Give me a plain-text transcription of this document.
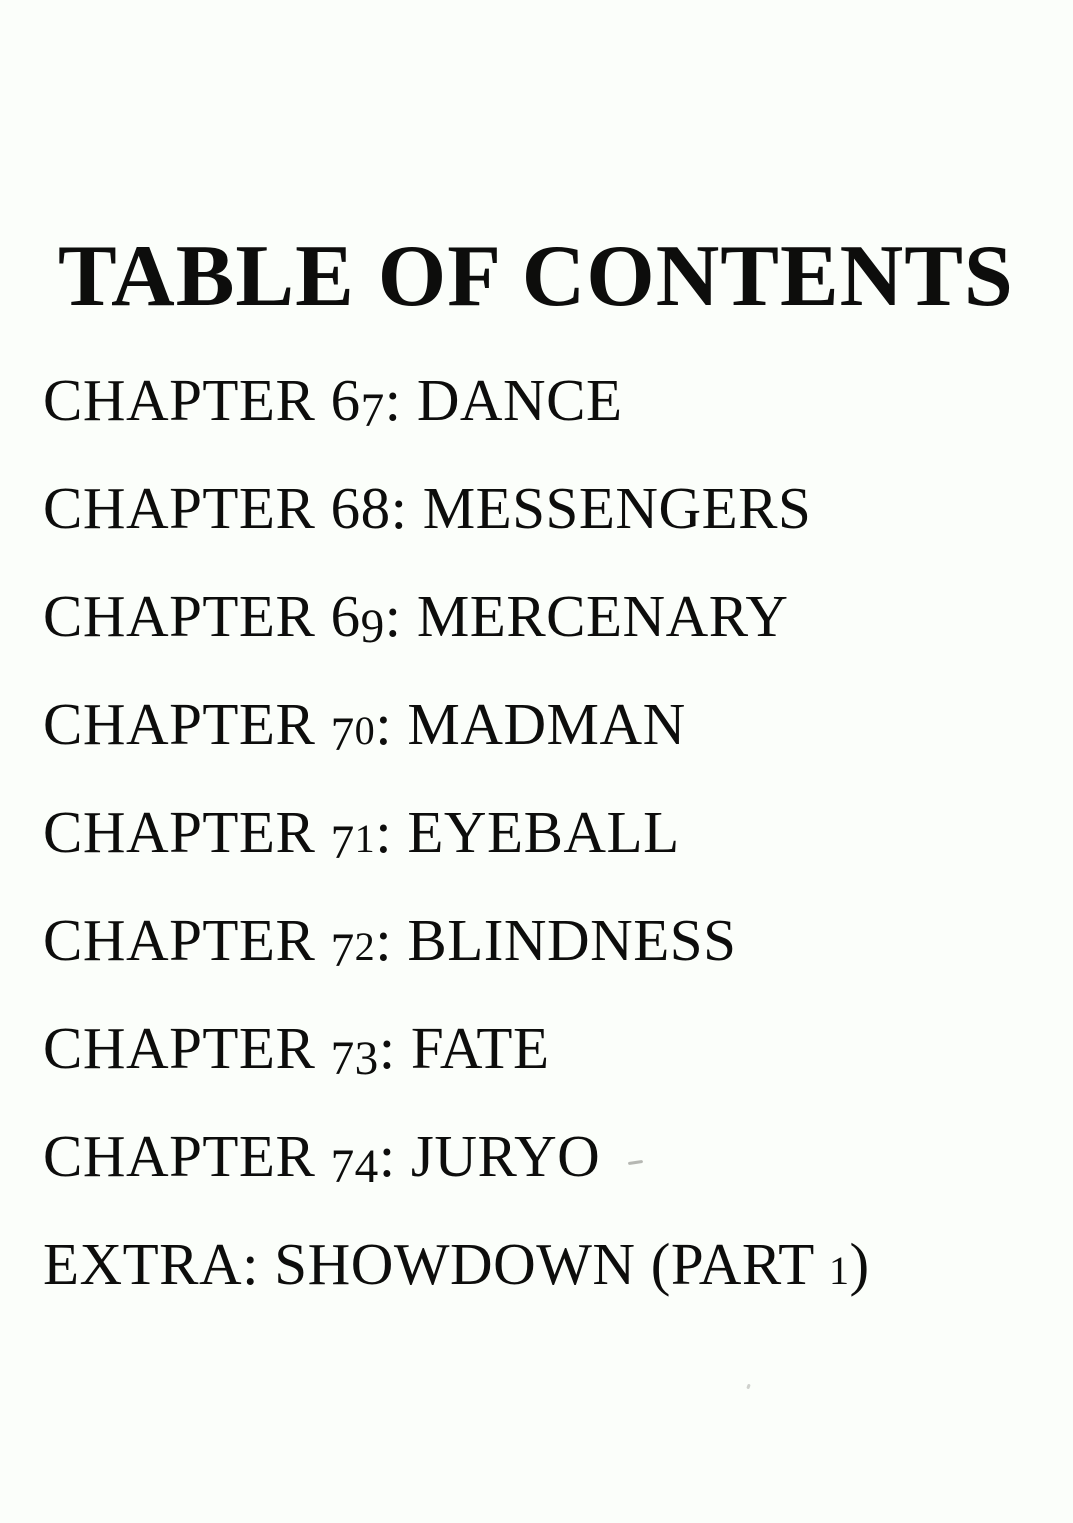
TABLE OF CONTENTS
CHAPTER 67: DANCE
CHAPTER 68: MESSENGERS
CHAPTER 69: MERCENARY
CHAPTER 70: MADMAN
CHAPTER 71: EYEBALL
CHAPTER 72: BLINDNESS
CHAPTER 73: FATE
CHAPTER 74: JURYO
EXTRA: SHOWDOWN (PART 1)
